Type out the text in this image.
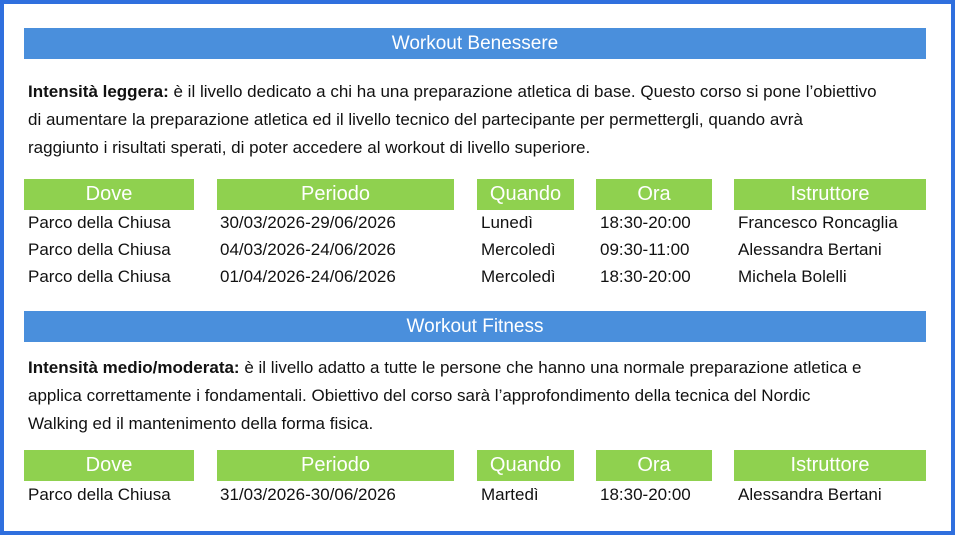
Workout Benessere
Intensità leggera: è il livello dedicato a chi ha una preparazione atletica di base. Questo corso si pone l’obiettivo
di aumentare la preparazione atletica ed il livello tecnico del partecipante per permettergli, quando avrà
raggiunto i risultati sperati, di poter accedere al workout di livello superiore.
Dove	Periodo	Quando	Ora	Istruttore
Parco della Chiusa	30/03/2026-29/06/2026	Lunedì	18:30-20:00	Francesco Roncaglia
Parco della Chiusa	04/03/2026-24/06/2026	Mercoledì	09:30-11:00	Alessandra Bertani
Parco della Chiusa	01/04/2026-24/06/2026	Mercoledì	18:30-20:00	Michela Bolelli
Workout Fitness
Intensità medio/moderata: è il livello adatto a tutte le persone che hanno una normale preparazione atletica e
applica correttamente i fondamentali. Obiettivo del corso sarà l’approfondimento della tecnica del Nordic
Walking ed il mantenimento della forma fisica.
Dove	Periodo	Quando	Ora	Istruttore
Parco della Chiusa	31/03/2026-30/06/2026	Martedì	18:30-20:00	Alessandra Bertani
